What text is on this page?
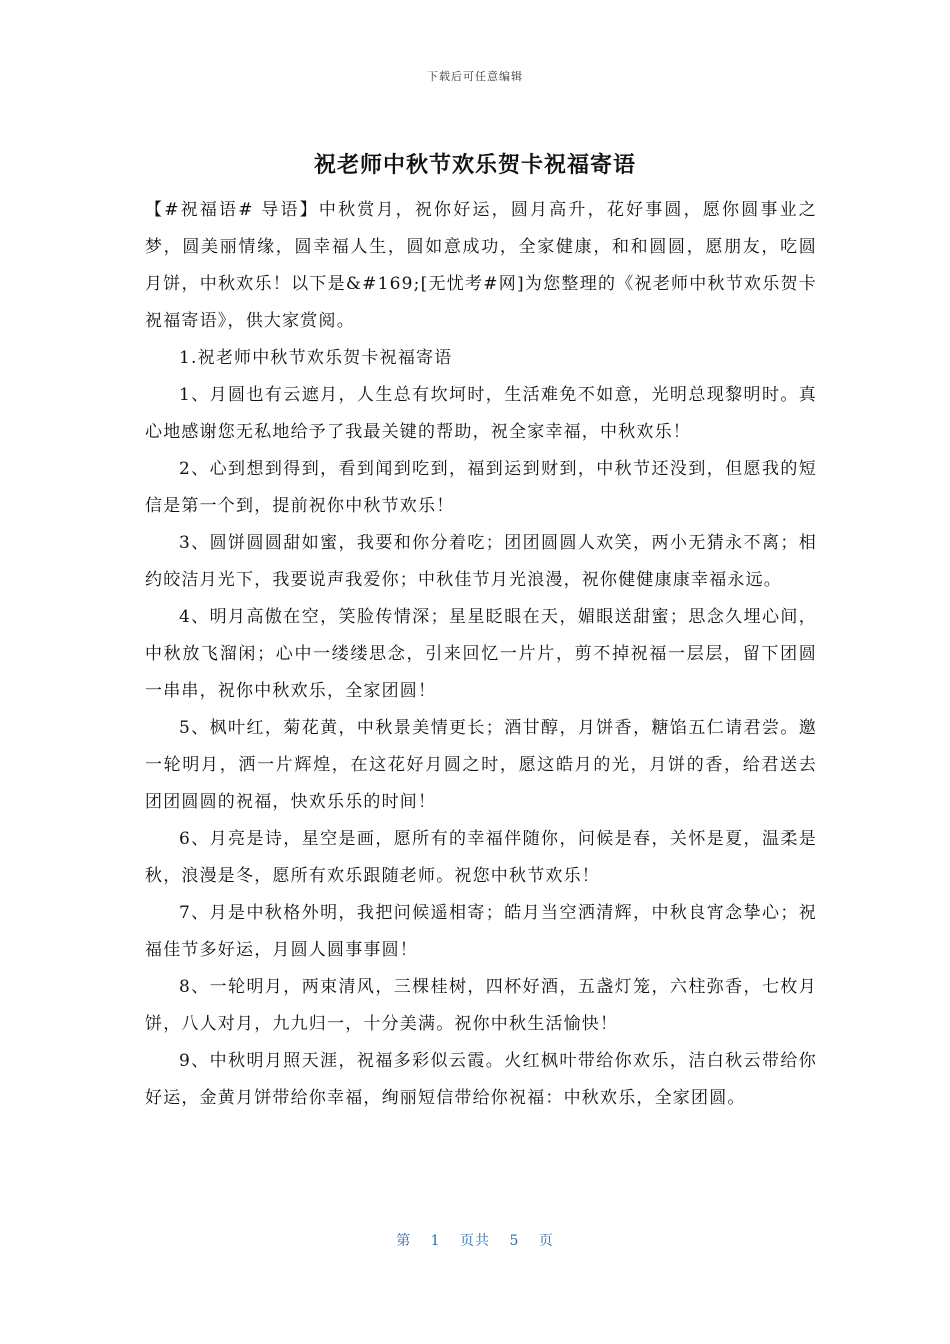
下载后可任意编辑
祝老师中秋节欢乐贺卡祝福寄语

【#祝福语# 导语】中秋赏月，祝你好运，圆月高升，花好事圆，愿你圆事业之梦，圆美丽情缘，圆幸福人生，圆如意成功，全家健康，和和圆圆，愿朋友，吃圆月饼，中秋欢乐！以下是&#169;[无忧考#网]为您整理的《祝老师中秋节欢乐贺卡祝福寄语》，供大家赏阅。

1.祝老师中秋节欢乐贺卡祝福寄语

1、月圆也有云遮月，人生总有坎坷时，生活难免不如意，光明总现黎明时。真心地感谢您无私地给予了我最关键的帮助，祝全家幸福，中秋欢乐！

2、心到想到得到，看到闻到吃到，福到运到财到，中秋节还没到，但愿我的短信是第一个到，提前祝你中秋节欢乐！

3、圆饼圆圆甜如蜜，我要和你分着吃；团团圆圆人欢笑，两小无猜永不离；相约皎洁月光下，我要说声我爱你；中秋佳节月光浪漫，祝你健健康康幸福永远。

4、明月高傲在空，笑脸传情深；星星眨眼在天，媚眼送甜蜜；思念久埋心间，中秋放飞溜闲；心中一缕缕思念，引来回忆一片片，剪不掉祝福一层层，留下团圆一串串，祝你中秋欢乐，全家团圆！

5、枫叶红，菊花黄，中秋景美情更长；酒甘醇，月饼香，糖馅五仁请君尝。邀一轮明月，洒一片辉煌，在这花好月圆之时，愿这皓月的光，月饼的香，给君送去团团圆圆的祝福，快欢乐乐的时间！

6、月亮是诗，星空是画，愿所有的幸福伴随你，问候是春，关怀是夏，温柔是秋，浪漫是冬，愿所有欢乐跟随老师。祝您中秋节欢乐！

7、月是中秋格外明，我把问候遥相寄；皓月当空洒清辉，中秋良宵念挚心；祝福佳节多好运，月圆人圆事事圆！

8、一轮明月，两束清风，三棵桂树，四杯好酒，五盏灯笼，六柱弥香，七枚月饼，八人对月，九九归一，十分美满。祝你中秋生活愉快！

9、中秋明月照天涯，祝福多彩似云霞。火红枫叶带给你欢乐，洁白秋云带给你好运，金黄月饼带给你幸福，绚丽短信带给你祝福：中秋欢乐，全家团圆。

第 1 页共 5 页
